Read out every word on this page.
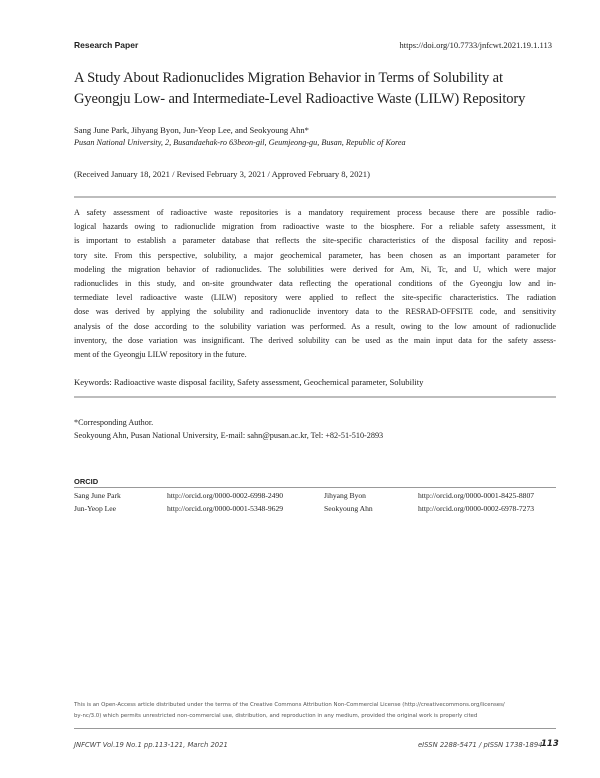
Research Paper	https://doi.org/10.7733/jnfcwt.2021.19.1.113
A Study About Radionuclides Migration Behavior in Terms of Solubility at
Gyeongju Low- and Intermediate-Level Radioactive Waste (LILW) Repository
Sang June Park, Jihyang Byon, Jun-Yeop Lee, and Seokyoung Ahn*
Pusan National University, 2, Busandaehak-ro 63beon-gil, Geumjeong-gu, Busan, Republic of Korea
(Received January 18, 2021 / Revised February 3, 2021 / Approved February 8, 2021)
A safety assessment of radioactive waste repositories is a mandatory requirement process because there are possible radio-
logical hazards owing to radionuclide migration from radioactive waste to the biosphere. For a reliable safety assessment, it
is important to establish a parameter database that reflects the site-specific characteristics of the disposal facility and reposi-
tory site. From this perspective, solubility, a major geochemical parameter, has been chosen as an important parameter for
modeling the migration behavior of radionuclides. The solubilities were derived for Am, Ni, Tc, and U, which were major
radionuclides in this study, and on-site groundwater data reflecting the operational conditions of the Gyeongju low and in-
termediate level radioactive waste (LILW) repository were applied to reflect the site-specific characteristics. The radiation
dose was derived by applying the solubility and radionuclide inventory data to the RESRAD-OFFSITE code, and sensitivity
analysis of the dose according to the solubility variation was performed. As a result, owing to the low amount of radionuclide
inventory, the dose variation was insignificant. The derived solubility can be used as the main input data for the safety assess-
ment of the Gyeongju LILW repository in the future.
Keywords: Radioactive waste disposal facility, Safety assessment, Geochemical parameter, Solubility
*Corresponding Author.
Seokyoung Ahn, Pusan National University, E-mail: sahn@pusan.ac.kr, Tel: +82-51-510-2893
ORCID
Sang June Park	http://orcid.org/0000-0002-6998-2490	Jihyang Byon	http://orcid.org/0000-0001-8425-8807
Jun-Yeop Lee	http://orcid.org/0000-0001-5348-9629	Seokyoung Ahn	http://orcid.org/0000-0002-6978-7273
This is an Open-Access article distributed under the terms of the Creative Commons Attribution Non-Commercial License (http://creativecommons.org/licenses/
by-nc/3.0) which permits unrestricted non-commercial use, distribution, and reproduction in any medium, provided the original work is properly cited
JNFCWT Vol.19 No.1 pp.113-121, March 2021	eISSN 2288-5471 / pISSN 1738-1894
113
